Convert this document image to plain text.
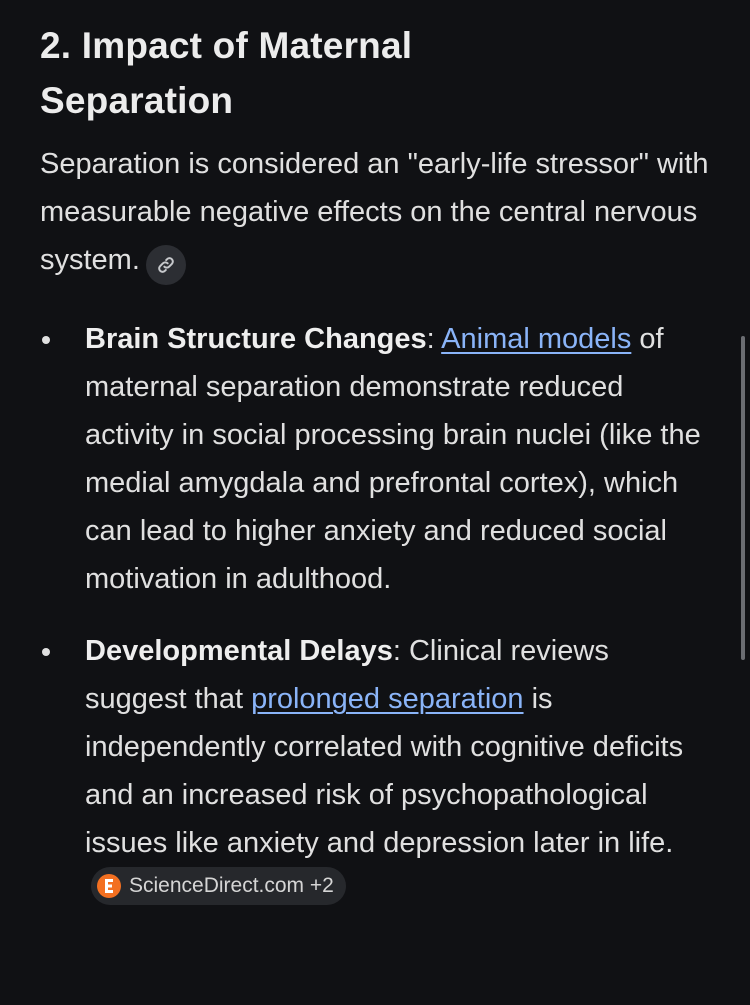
2. Impact of Maternal Separation

Separation is considered an "early-life stressor" with measurable negative effects on the central nervous system.

Brain Structure Changes: Animal models of maternal separation demonstrate reduced activity in social processing brain nuclei (like the medial amygdala and prefrontal cortex), which can lead to higher anxiety and reduced social motivation in adulthood.
Developmental Delays: Clinical reviews suggest that prolonged separation is independently correlated with cognitive deficits and an increased risk of psychopathological issues like anxiety and depression later in life.
ScienceDirect.com +2
